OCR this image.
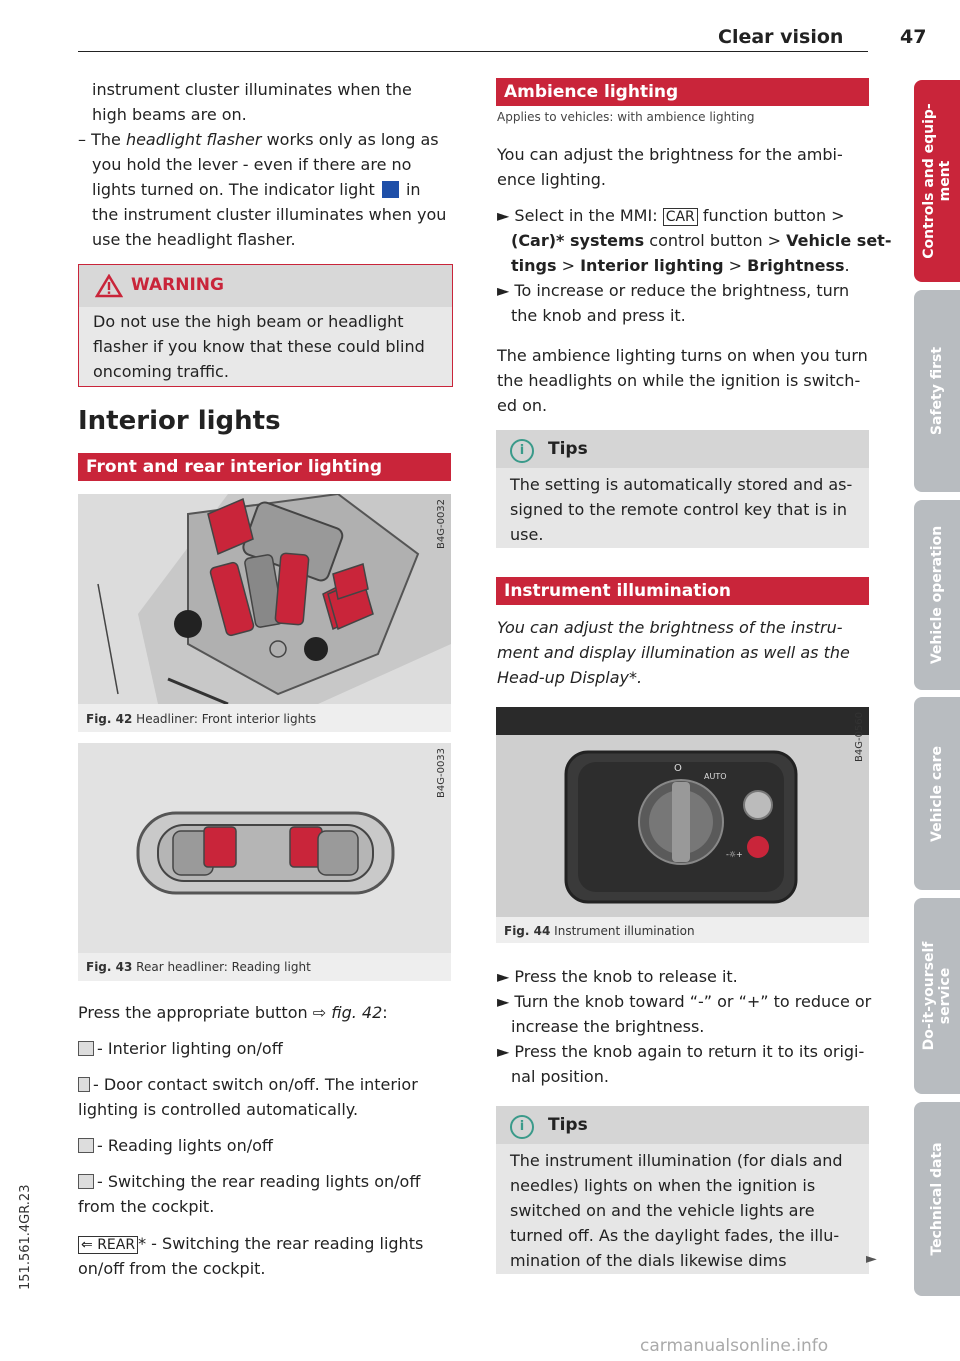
Clear vision	47
instrument cluster illuminates when the
high beams are on.
– The headlight flasher works only as long as
you hold the lever - even if there are no
lights turned on. The indicator light in
the instrument cluster illuminates when you
use the headlight flasher.
WARNING
Do not use the high beam or headlight
flasher if you know that these could blind
oncoming traffic.
Interior lights
Front and rear interior lighting
B4G-0032
Fig. 42 Headliner: Front interior lights
B4G-0033
Fig. 43 Rear headliner: Reading light
Press the appropriate button ⇨ fig. 42:
- Interior lighting on/off
- Door contact switch on/off. The interior
lighting is controlled automatically.
- Reading lights on/off
- Switching the rear reading lights on/off
from the cockpit.
⇐ REAR * - Switching the rear reading lights
on/off from the cockpit.
Ambience lighting
Applies to vehicles: with ambience lighting
You can adjust the brightness for the ambi-
ence lighting.
► Select in the MMI: CAR function button >
(Car)* systems control button > Vehicle set-
tings > Interior lighting > Brightness.
► To increase or reduce the brightness, turn
the knob and press it.
The ambience lighting turns on when you turn
the headlights on while the ignition is switch-
ed on.
i	Tips
The setting is automatically stored and as-
signed to the remote control key that is in
use.
Instrument illumination
You can adjust the brightness of the instru-
ment and display illumination as well as the
Head-up Display*.
O
AUTO
-☼+
B4G-0560
Fig. 44 Instrument illumination
► Press the knob to release it.
► Turn the knob toward “-” or “+” to reduce or
increase the brightness.
► Press the knob again to return it to its origi-
nal position.
i	Tips
The instrument illumination (for dials and
needles) lights on when the ignition is
switched on and the vehicle lights are
turned off. As the daylight fades, the illu-
mination of the dials likewise dims	►
Controls and equip-
ment
Safety first
Vehicle operation
Vehicle care
Do-it-yourself
service
Technical data
151.561.4GR.23
carmanualsonline.info
